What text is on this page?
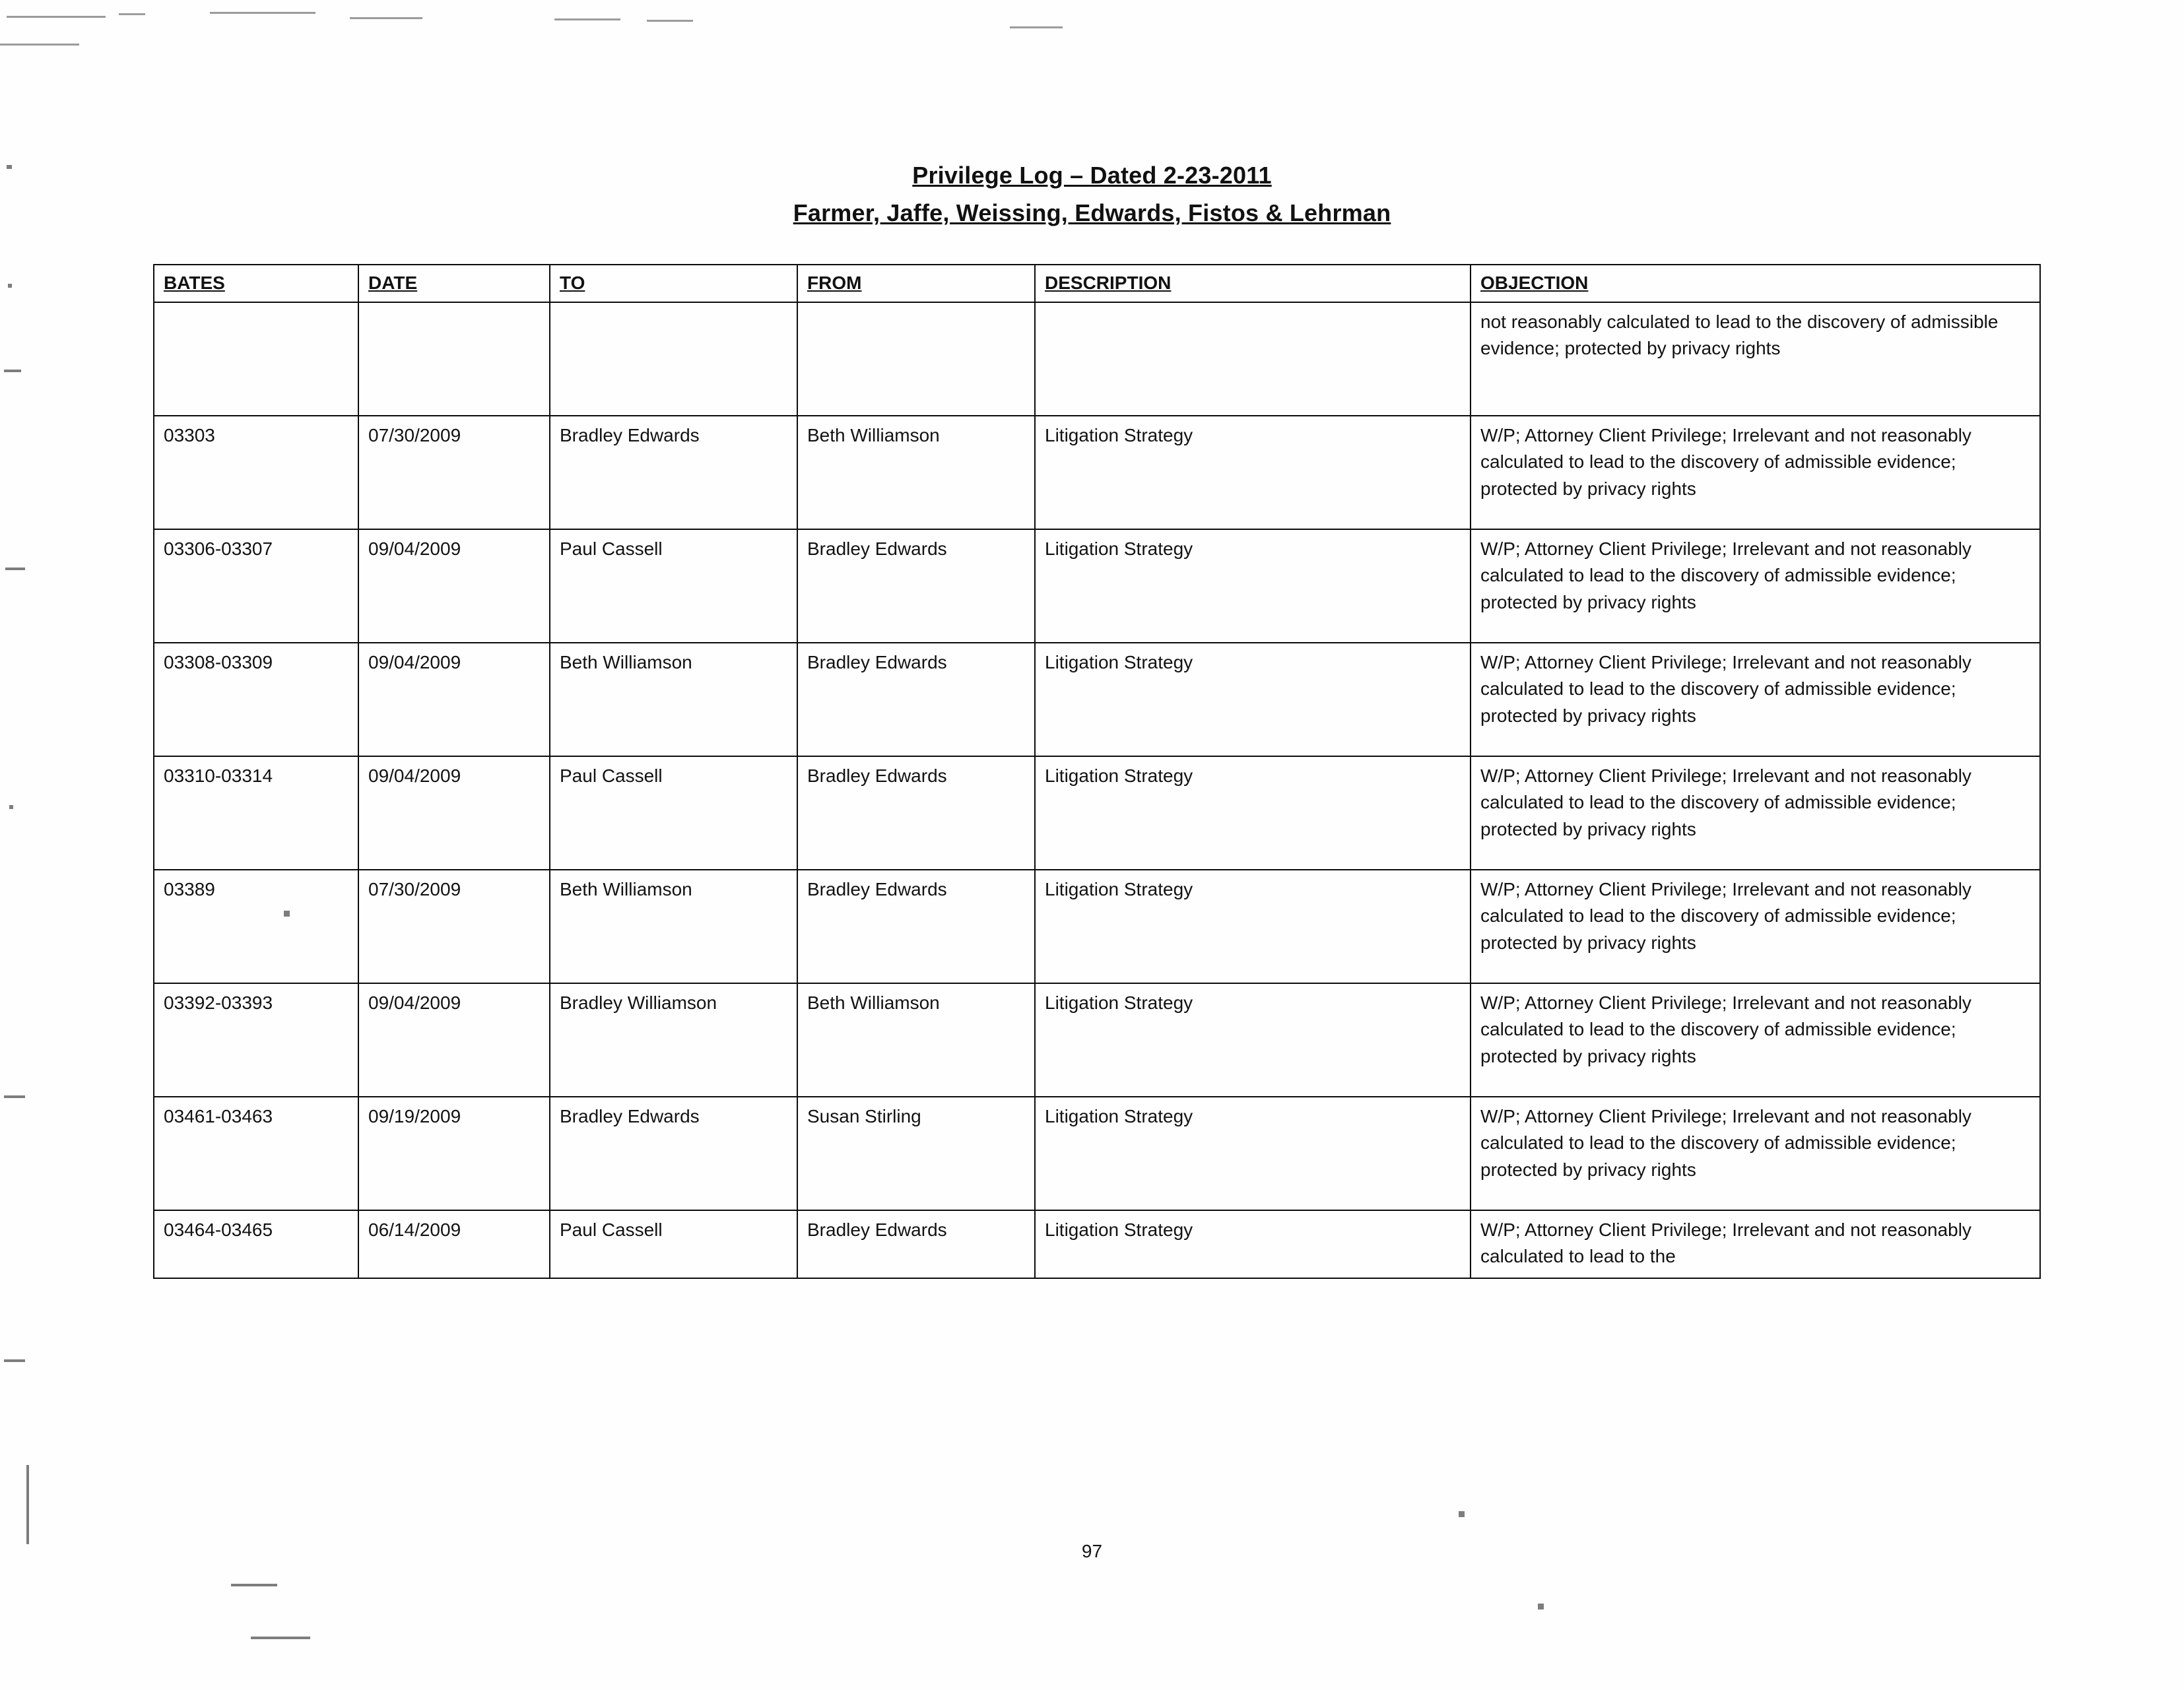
Privilege Log – Dated 2-23-2011
Farmer, Jaffe, Weissing, Edwards, Fistos & Lehrman
BATES	DATE	TO	FROM	DESCRIPTION	OBJECTION
					not reasonably calculated to lead to the discovery of admissible evidence; protected by privacy rights
03303	07/30/2009	Bradley Edwards	Beth Williamson	Litigation Strategy	W/P; Attorney Client Privilege; Irrelevant and not reasonably calculated to lead to the discovery of admissible evidence; protected by privacy rights
03306-03307	09/04/2009	Paul Cassell	Bradley Edwards	Litigation Strategy	W/P; Attorney Client Privilege; Irrelevant and not reasonably calculated to lead to the discovery of admissible evidence; protected by privacy rights
03308-03309	09/04/2009	Beth Williamson	Bradley Edwards	Litigation Strategy	W/P; Attorney Client Privilege; Irrelevant and not reasonably calculated to lead to the discovery of admissible evidence; protected by privacy rights
03310-03314	09/04/2009	Paul Cassell	Bradley Edwards	Litigation Strategy	W/P; Attorney Client Privilege; Irrelevant and not reasonably calculated to lead to the discovery of admissible evidence; protected by privacy rights
03389	07/30/2009	Beth Williamson	Bradley Edwards	Litigation Strategy	W/P; Attorney Client Privilege; Irrelevant and not reasonably calculated to lead to the discovery of admissible evidence; protected by privacy rights
03392-03393	09/04/2009	Bradley Williamson	Beth Williamson	Litigation Strategy	W/P; Attorney Client Privilege; Irrelevant and not reasonably calculated to lead to the discovery of admissible evidence; protected by privacy rights
03461-03463	09/19/2009	Bradley Edwards	Susan Stirling	Litigation Strategy	W/P; Attorney Client Privilege; Irrelevant and not reasonably calculated to lead to the discovery of admissible evidence; protected by privacy rights
03464-03465	06/14/2009	Paul Cassell	Bradley Edwards	Litigation Strategy	W/P; Attorney Client Privilege; Irrelevant and not reasonably calculated to lead to the
97
